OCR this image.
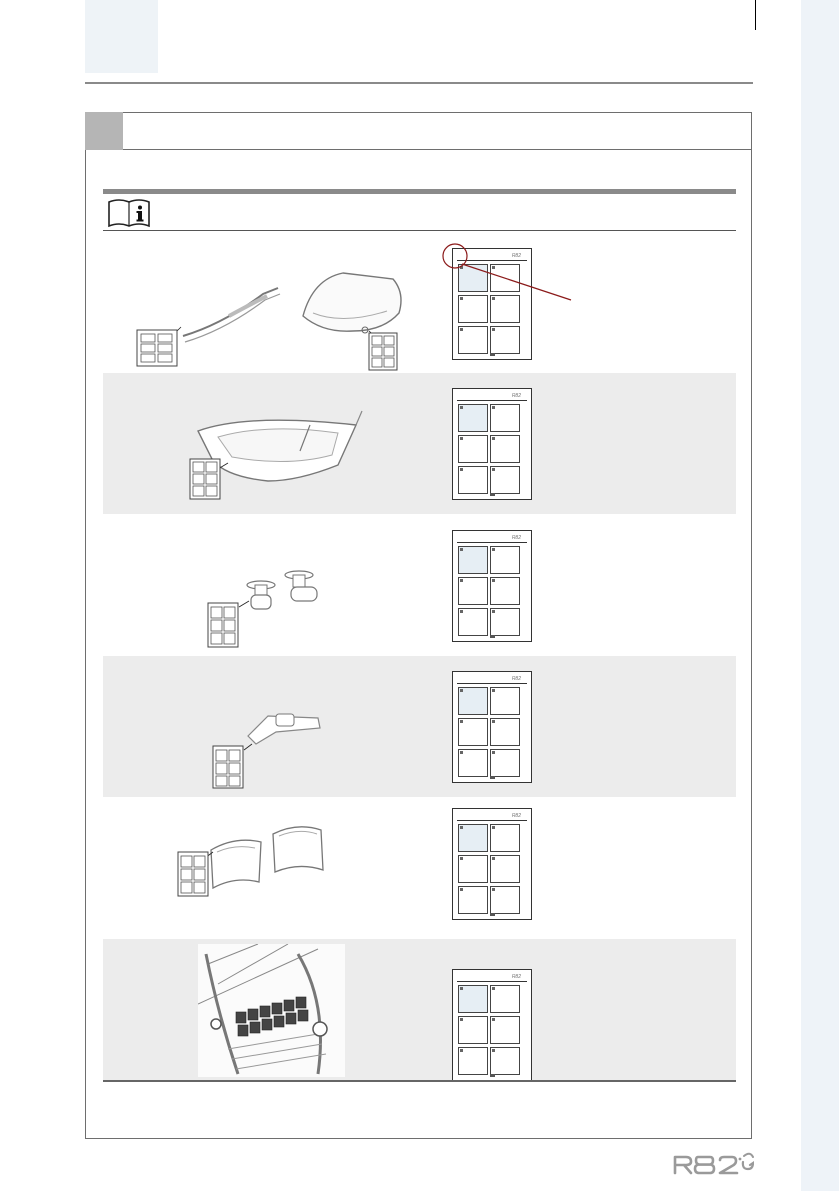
R82
R82
R82
R82
R82
R82
